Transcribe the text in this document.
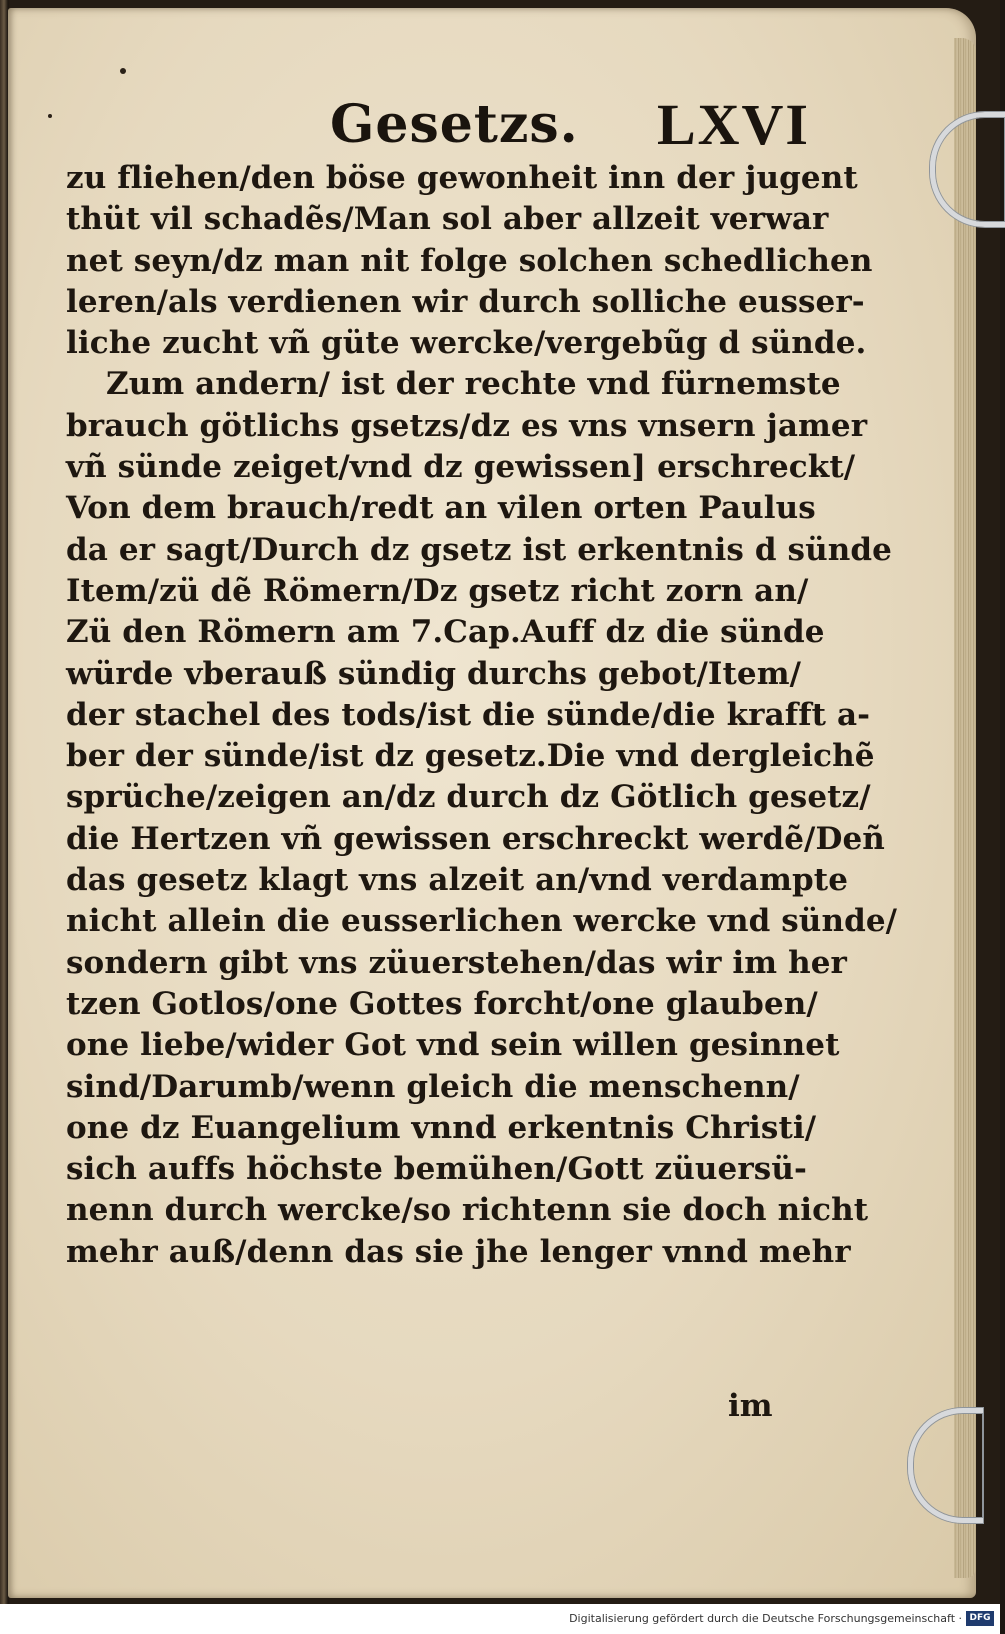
Gesetzs. LXVI
zu fliehen/den böse gewonheit inn der jugent
thüt vil schadẽs/Man sol aber allzeit verwar
net seyn/dz man nit folge solchen schedlichen
leren/als verdienen wir durch solliche eusser-
liche zucht vñ güte wercke/vergebũg d sünde.
Zum andern/ ist der rechte vnd fürnemste
brauch götlichs gsetzs/dz es vns vnsern jamer
vñ sünde zeiget/vnd dz gewissen] erschreckt/
Von dem brauch/redt an vilen orten Paulus
da er sagt/Durch dz gsetz ist erkentnis d sünde
Item/zü dẽ Römern/Dz gsetz richt zorn an/
Zü den Römern am 7.Cap.Auff dz die sünde
würde vberauß sündig durchs gebot/Item/
der stachel des tods/ist die sünde/die krafft a-
ber der sünde/ist dz gesetz.Die vnd dergleichẽ
sprüche/zeigen an/dz durch dz Götlich gesetz/
die Hertzen vñ gewissen erschreckt werdẽ/Deñ
das gesetz klagt vns alzeit an/vnd verdampte
nicht allein die eusserlichen wercke vnd sünde/
sondern gibt vns züuerstehen/das wir im her
tzen Gotlos/one Gottes forcht/one glauben/
one liebe/wider Got vnd sein willen gesinnet
sind/Darumb/wenn gleich die menschenn/
one dz Euangelium vnnd erkentnis Christi/
sich auffs höchste bemühen/Gott züuersü-
nenn durch wercke/so richtenn sie doch nicht
mehr auß/denn das sie jhe lenger vnnd mehr
im
Digitalisierung gefördert durch die Deutsche Forschungsgemeinschaft · DFG
